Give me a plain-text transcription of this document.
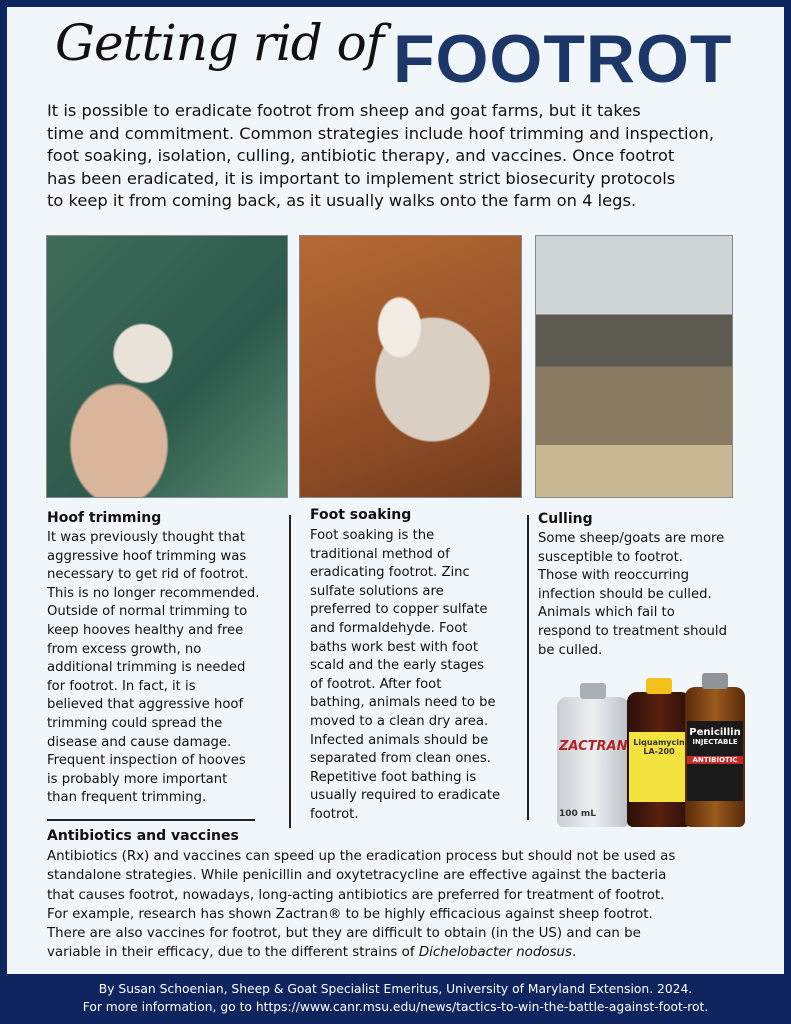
Getting rid of FOOTROT
It is possible to eradicate footrot from sheep and goat farms, but it takes
time and commitment. Common strategies include hoof trimming and inspection,
foot soaking, isolation, culling, antibiotic therapy, and vaccines. Once footrot
has been eradicated, it is important to implement strict biosecurity protocols
to keep it from coming back, as it usually walks onto the farm on 4 legs.
Hoof trimming
It was previously thought that
aggressive hoof trimming was
necessary to get rid of footrot.
This is no longer recommended.
Outside of normal trimming to
keep hooves healthy and free
from excess growth, no
additional trimming is needed
for footrot. In fact, it is
believed that aggressive hoof
trimming could spread the
disease and cause damage.
Frequent inspection of hooves
is probably more important
than frequent trimming.
Foot soaking
Foot soaking is the
traditional method of
eradicating footrot. Zinc
sulfate solutions are
preferred to copper sulfate
and formaldehyde. Foot
baths work best with foot
scald and the early stages
of footrot. After foot
bathing, animals need to be
moved to a clean dry area.
Infected animals should be
separated from clean ones.
Repetitive foot bathing is
usually required to eradicate
footrot.
Culling
Some sheep/goats are more
susceptible to footrot.
Those with reoccurring
infection should be culled.
Animals which fail to
respond to treatment should
be culled.
ZACTRAN
100 mL
Liquamycin LA-200
Penicillin
INJECTABLE
ANTIBIOTIC
Antibiotics and vaccines
Antibiotics (Rx) and vaccines can speed up the eradication process but should not be used as
standalone strategies. While penicillin and oxytetracycline are effective against the bacteria
that causes footrot, nowadays, long-acting antibiotics are preferred for treatment of footrot.
For example, research has shown Zactran® to be highly efficacious against sheep footrot.
There are also vaccines for footrot, but they are difficult to obtain (in the US) and can be
variable in their efficacy, due to the different strains of Dichelobacter nodosus.
By Susan Schoenian, Sheep & Goat Specialist Emeritus, University of Maryland Extension. 2024.
For more information, go to https://www.canr.msu.edu/news/tactics-to-win-the-battle-against-foot-rot.
